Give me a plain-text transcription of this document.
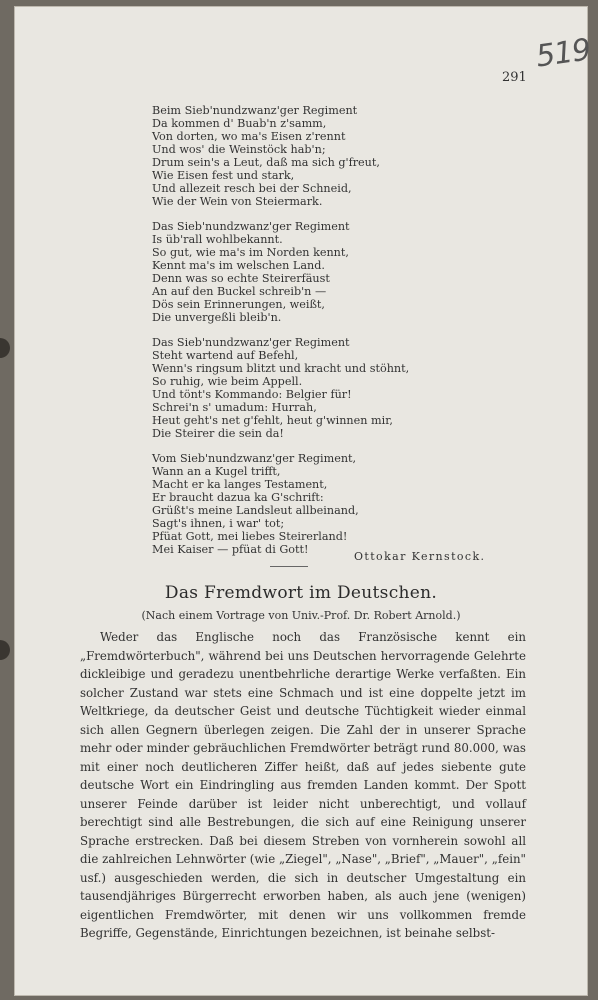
519
291
Beim Sieb'nundzwanz'ger Regiment
Da kommen d' Buab'n z'samm,
Von dorten, wo ma's Eisen z'rennt
Und wos' die Weinstöck hab'n;
Drum sein's a Leut, daß ma sich g'freut,
Wie Eisen fest und stark,
Und allezeit resch bei der Schneid,
Wie der Wein von Steiermark.
Das Sieb'nundzwanz'ger Regiment
Is üb'rall wohlbekannt.
So gut, wie ma's im Norden kennt,
Kennt ma's im welschen Land.
Denn was so echte Steirerfäust
An auf den Buckel schreib'n —
Dös sein Erinnerungen, weißt,
Die unvergeßli bleib'n.
Das Sieb'nundzwanz'ger Regiment
Steht wartend auf Befehl,
Wenn's ringsum blitzt und kracht und stöhnt,
So ruhig, wie beim Appell.
Und tönt's Kommando: Belgier für!
Schrei'n s' umadum: Hurrah,
Heut geht's net g'fehlt, heut g'winnen mir,
Die Steirer die sein da!
Vom Sieb'nundzwanz'ger Regiment,
Wann an a Kugel trifft,
Macht er ka langes Testament,
Er braucht dazua ka G'schrift:
Grüßt's meine Landsleut allbeinand,
Sagt's ihnen, i war' tot;
Pfüat Gott, mei liebes Steirerland!
Mei Kaiser — pfüat di Gott!
Ottokar Kernstock.
Das Fremdwort im Deutschen.
(Nach einem Vortrage von Univ.-Prof. Dr. Robert Arnold.)
Weder das Englische noch das Französische kennt ein „Fremdwörterbuch", während bei uns Deutschen hervorragende Gelehrte dickleibige und geradezu unentbehrliche derartige Werke verfaßten. Ein solcher Zustand war stets eine Schmach und ist eine doppelte jetzt im Weltkriege, da deutscher Geist und deutsche Tüchtigkeit wieder einmal sich allen Gegnern überlegen zeigen. Die Zahl der in unserer Sprache mehr oder minder gebräuchlichen Fremdwörter beträgt rund 80.000, was mit einer noch deutlicheren Ziffer heißt, daß auf jedes siebente gute deutsche Wort ein Eindringling aus fremden Landen kommt. Der Spott unserer Feinde darüber ist leider nicht unberechtigt, und vollauf berechtigt sind alle Bestrebungen, die sich auf eine Reinigung unserer Sprache erstrecken. Daß bei diesem Streben von vornherein sowohl all die zahlreichen Lehnwörter (wie „Ziegel", „Nase", „Brief", „Mauer", „fein" usf.) ausgeschieden werden, die sich in deutscher Umgestaltung ein tausendjähriges Bürgerrecht erworben haben, als auch jene (wenigen) eigentlichen Fremdwörter, mit denen wir uns vollkommen fremde Begriffe, Gegenstände, Einrichtungen bezeichnen, ist beinahe selbst-
